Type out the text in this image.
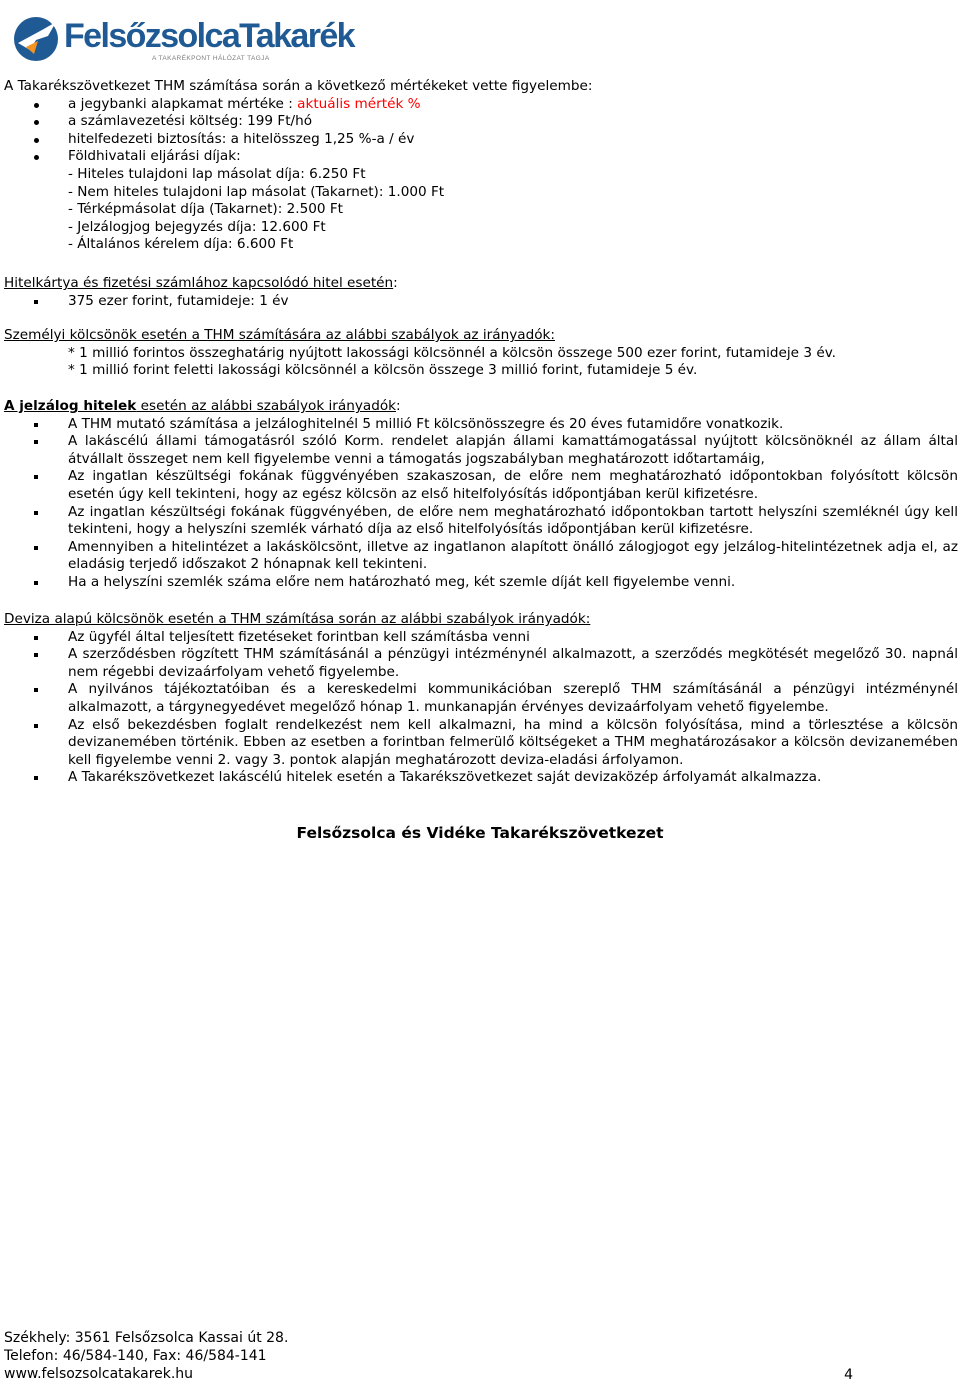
FelsőzsolcaTakarék
A TAKARÉKPONT HÁLÓZAT TAGJA

A Takarékszövetkezet THM számítása során a következő mértékeket vette figyelembe:

a jegybanki alapkamat mértéke : aktuális mérték %
a számlavezetési költség: 199 Ft/hó
hitelfedezeti biztosítás: a hitelösszeg 1,25 %-a / év
Földhivatali eljárási díjak:
- Hiteles tulajdoni lap másolat díja: 6.250 Ft
- Nem hiteles tulajdoni lap másolat (Takarnet): 1.000 Ft
- Térképmásolat díja (Takarnet): 2.500 Ft
- Jelzálogjog bejegyzés díja: 12.600 Ft
- Általános kérelem díja: 6.600 Ft

Hitelkártya és fizetési számlához kapcsolódó hitel esetén:

375 ezer forint, futamideje: 1 év

Személyi kölcsönök esetén a THM számítására az alábbi szabályok az irányadók:

* 1 millió forintos összeghatárig nyújtott lakossági kölcsönnél a kölcsön összege 500 ezer forint, futamideje 3 év.
* 1 millió forint feletti lakossági kölcsönnél a kölcsön összege 3 millió forint, futamideje 5 év.

A jelzálog hitelek esetén az alábbi szabályok irányadók:

A THM mutató számítása a jelzáloghitelnél 5 millió Ft kölcsönösszegre és 20 éves futamidőre vonatkozik.
A lakáscélú állami támogatásról szóló Korm. rendelet alapján állami kamattámogatással nyújtott kölcsönöknél az állam által átvállalt összeget nem kell figyelembe venni a támogatás jogszabályban meghatározott időtartamáig,
Az ingatlan készültségi fokának függvényében szakaszosan, de előre nem meghatározható időpontokban folyósított kölcsön esetén úgy kell tekinteni, hogy az egész kölcsön az első hitelfolyósítás időpontjában kerül kifizetésre.
Az ingatlan készültségi fokának függvényében, de előre nem meghatározható időpontokban tartott helyszíni szemléknél úgy kell tekinteni, hogy a helyszíni szemlék várható díja az első hitelfolyósítás időpontjában kerül kifizetésre.
Amennyiben a hitelintézet a lakáskölcsönt, illetve az ingatlanon alapított önálló zálogjogot egy jelzálog-hitelintézetnek adja el, az eladásig terjedő időszakot 2 hónapnak kell tekinteni.
Ha a helyszíni szemlék száma előre nem határozható meg, két szemle díját kell figyelembe venni.

Deviza alapú kölcsönök esetén a THM számítása során az alábbi szabályok irányadók:

Az ügyfél által teljesített fizetéseket forintban kell számításba venni
A szerződésben rögzített THM számításánál a pénzügyi intézménynél alkalmazott, a szerződés megkötését megelőző 30. napnál nem régebbi devizaárfolyam vehető figyelembe.
A nyilvános tájékoztatóiban és a kereskedelmi kommunikációban szereplő THM számításánál a pénzügyi intézménynél alkalmazott, a tárgynegyedévet megelőző hónap 1. munkanapján érvényes devizaárfolyam vehető figyelembe.
Az első bekezdésben foglalt rendelkezést nem kell alkalmazni, ha mind a kölcsön folyósítása, mind a törlesztése a kölcsön devizanemében történik. Ebben az esetben a forintban felmerülő költségeket a THM meghatározásakor a kölcsön devizanemében kell figyelembe venni 2. vagy 3. pontok alapján meghatározott deviza-eladási árfolyamon.
A Takarékszövetkezet lakáscélú hitelek esetén a Takarékszövetkezet saját devizaközép árfolyamát alkalmazza.
Felsőzsolca és Vidéke Takarékszövetkezet
Székhely: 3561 Felsőzsolca Kassai út 28.
Telefon: 46/584-140, Fax: 46/584-141
www.felsozsolcatakarek.hu	4
